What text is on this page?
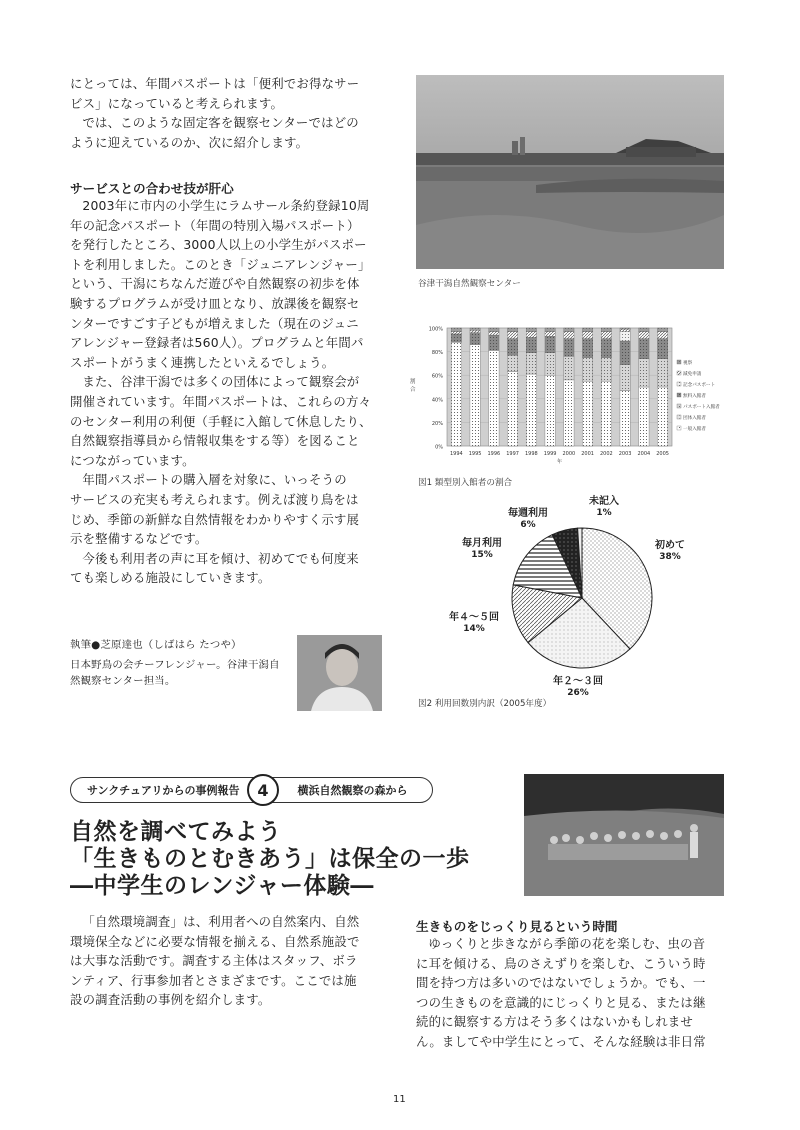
にとっては、年間パスポートは「便利でお得なサー

ビス」になっていると考えられます。

では、このような固定客を観察センターではどの

ように迎えているのか、次に紹介します。

サービスとの合わせ技が肝心

2003年に市内の小学生にラムサール条約登録10周

年の記念パスポート（年間の特別入場パスポート）

を発行したところ、3000人以上の小学生がパスポー

トを利用しました。このとき「ジュニアレンジャー」

という、干潟にちなんだ遊びや自然観察の初歩を体

験するプログラムが受け皿となり、放課後を観察セ

ンターですごす子どもが増えました（現在のジュニ

アレンジャー登録者は560人）。プログラムと年間パ

スポートがうまく連携したといえるでしょう。

また、谷津干潟では多くの団体によって観察会が

開催されています。年間パスポートは、これらの方々

のセンター利用の利便（手軽に入館して休息したり、

自然観察指導員から情報収集をする等）を図ること

につながっています。

年間パスポートの購入層を対象に、いっそうの

サービスの充実も考えられます。例えば渡り鳥をは

じめ、季節の新鮮な自然情報をわかりやすく示す展

示を整備するなどです。

今後も利用者の声に耳を傾け、初めてでも何度来

ても楽しめる施設にしていきます。

執筆●芝原達也（しばはら たつや）

日本野鳥の会チーフレンジャー。谷津干潟自

然観察センター担当。

谷津干潟自然観察センター

0%
20%
40%
60%
80%
100%
割
合
1994 1995 1996 1997 1998 1999 2000 2001 2002 2003 2004 2005
年
視察
減免申請
記念パスポート
無料入館者
パスポート入館者
団体入館者
一般入館者

図1 類型別入館者の割合

初めて
38%
年２〜３回
26%
年４〜５回
14%
毎月利用
15%
毎週利用
6%
未記入
1%

図2 利用回数別内訳（2005年度）

サンクチュアリからの事例報告	横浜自然観察の森から
4

自然を調べてみよう

「生きものとむきあう」は保全の一歩

―中学生のレンジャー体験―

「自然環境調査」は、利用者への自然案内、自然

環境保全などに必要な情報を揃える、自然系施設で

は大事な活動です。調査する主体はスタッフ、ボラ

ンティア、行事参加者とさまざまです。ここでは施

設の調査活動の事例を紹介します。

生きものをじっくり見るという時間

ゆっくりと歩きながら季節の花を楽しむ、虫の音

に耳を傾ける、鳥のさえずりを楽しむ、こういう時

間を持つ方は多いのではないでしょうか。でも、一

つの生きものを意識的にじっくりと見る、または継

続的に観察する方はそう多くはないかもしれませ

ん。ましてや中学生にとって、そんな経験は非日常

11
